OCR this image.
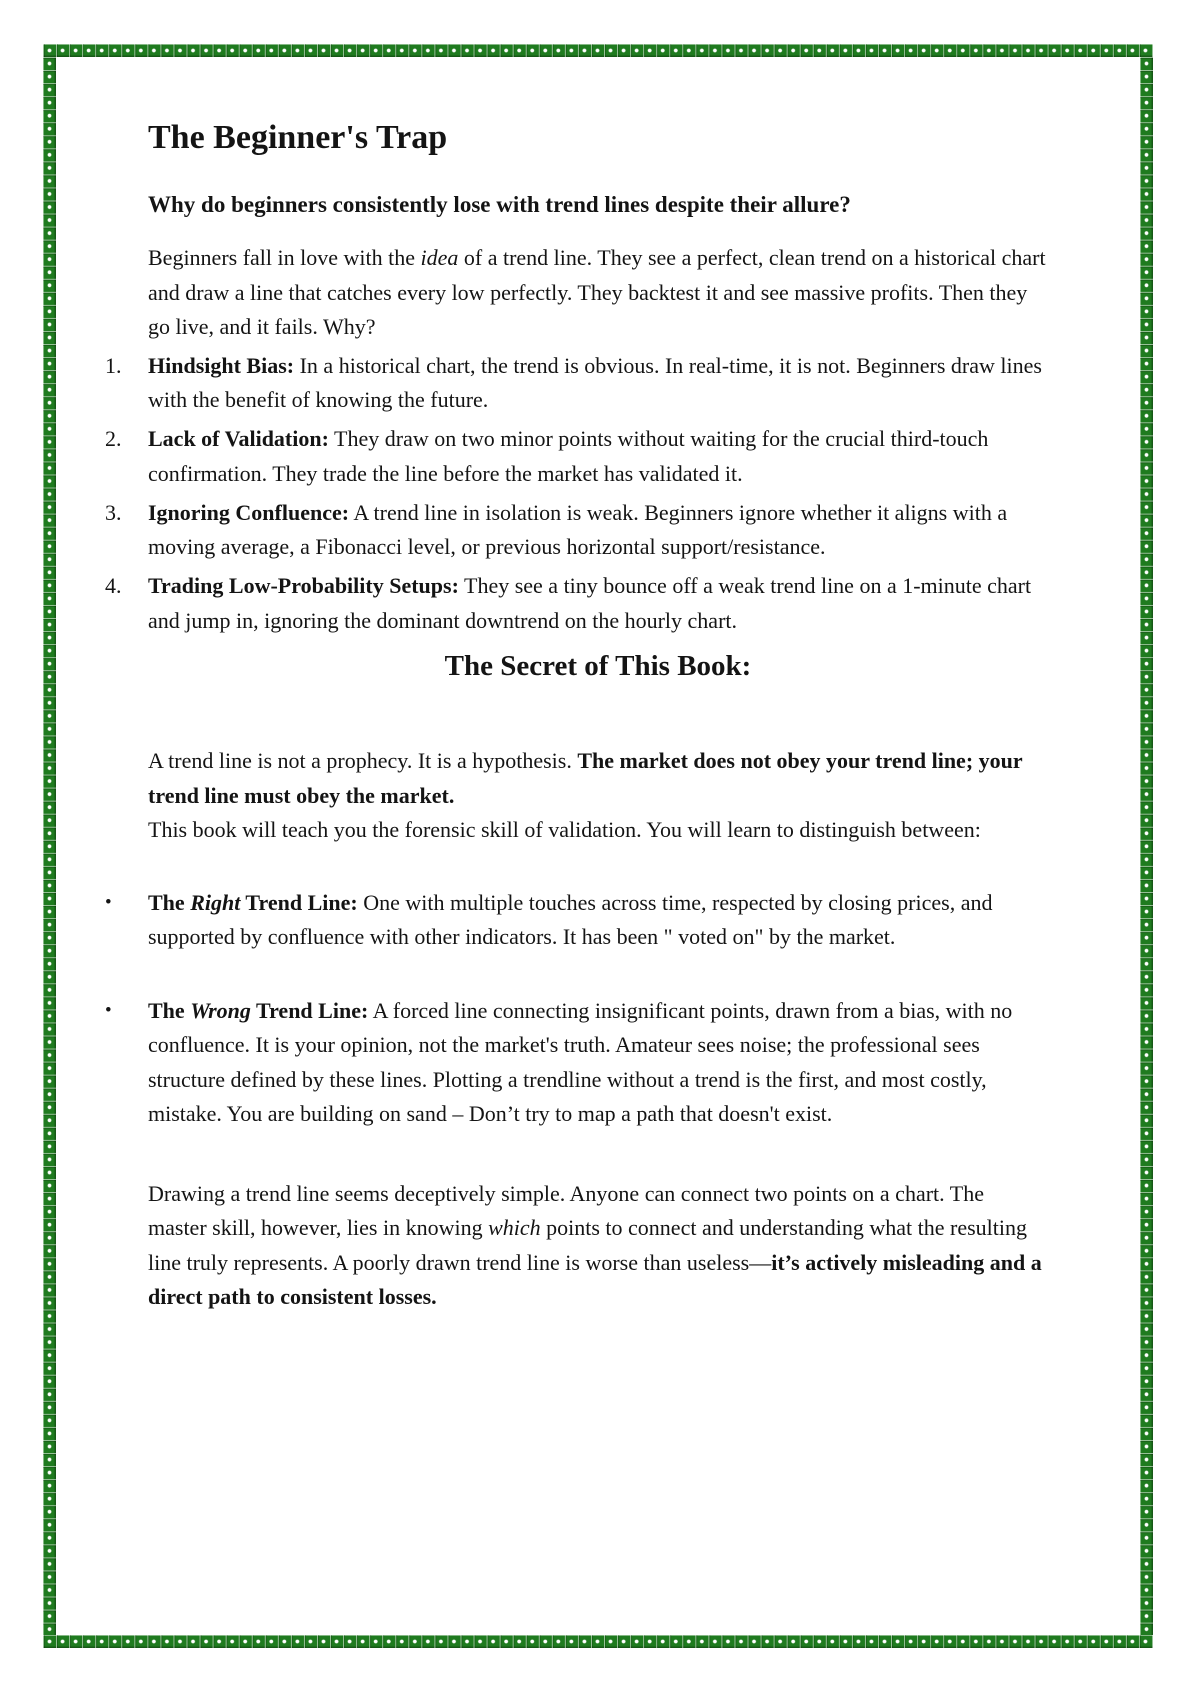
The Beginner's Trap

Why do beginners consistently lose with trend lines despite their allure?

Beginners fall in love with the idea of a trend line. They see a perfect, clean trend on a historical chart and draw a line that catches every low perfectly. They backtest it and see massive profits. Then they go live, and it fails. Why?

1.	Hindsight Bias: In a historical chart, the trend is obvious. In real-time, it is not. Beginners draw lines with the benefit of knowing the future.
2.	Lack of Validation: They draw on two minor points without waiting for the crucial third-touch confirmation. They trade the line before the market has validated it.
3.	Ignoring Confluence: A trend line in isolation is weak. Beginners ignore whether it aligns with a moving average, a Fibonacci level, or previous horizontal support/resistance.
4.	Trading Low-Probability Setups: They see a tiny bounce off a weak trend line on a 1-minute chart and jump in, ignoring the dominant downtrend on the hourly chart.
The Secret of This Book:

A trend line is not a prophecy. It is a hypothesis. The market does not obey your trend line; your trend line must obey the market.

This book will teach you the forensic skill of validation. You will learn to distinguish between:

•	The Right Trend Line: One with multiple touches across time, respected by closing prices, and supported by confluence with other indicators. It has been " voted on" by the market.
•	The Wrong Trend Line: A forced line connecting insignificant points, drawn from a bias, with no confluence. It is your opinion, not the market's truth. Amateur sees noise; the professional sees structure defined by these lines. Plotting a trendline without a trend is the first, and most costly, mistake. You are building on sand – Don’t try to map a path that doesn't exist.

Drawing a trend line seems deceptively simple. Anyone can connect two points on a chart. The master skill, however, lies in knowing which points to connect and understanding what the resulting line truly represents. A poorly drawn trend line is worse than useless—it’s actively misleading and a direct path to consistent losses.
